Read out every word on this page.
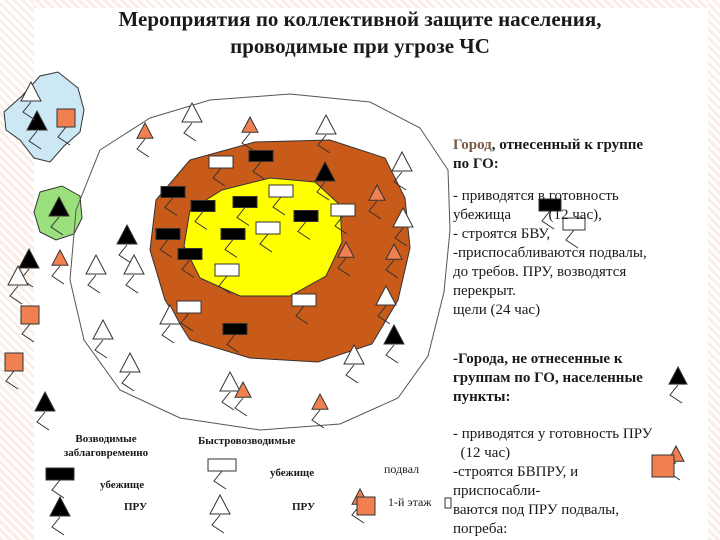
Мероприятия по коллективной защите населения,
проводимые при угрозе ЧС
Город, отнесенный к группе
по ГО:
- приводятся в готовность
убежища          (12 час),
- строятся БВУ,
-приспосабливаются подвалы,
до требов. ПРУ, возводятся
перекрыт.
щели (24 час)
-Города, не отнесенные к
группам по ГО, населенные
пункты:
- приводятся у готовность ПРУ
(12 час)
-строятся БВПРУ, и
приспосабли-
ваются под ПРУ подвалы,
погреба:
Возводимые
заблаговременно
Быстровозводимые
убежище
ПРУ
убежище
ПРУ
подвал
1-й этаж
